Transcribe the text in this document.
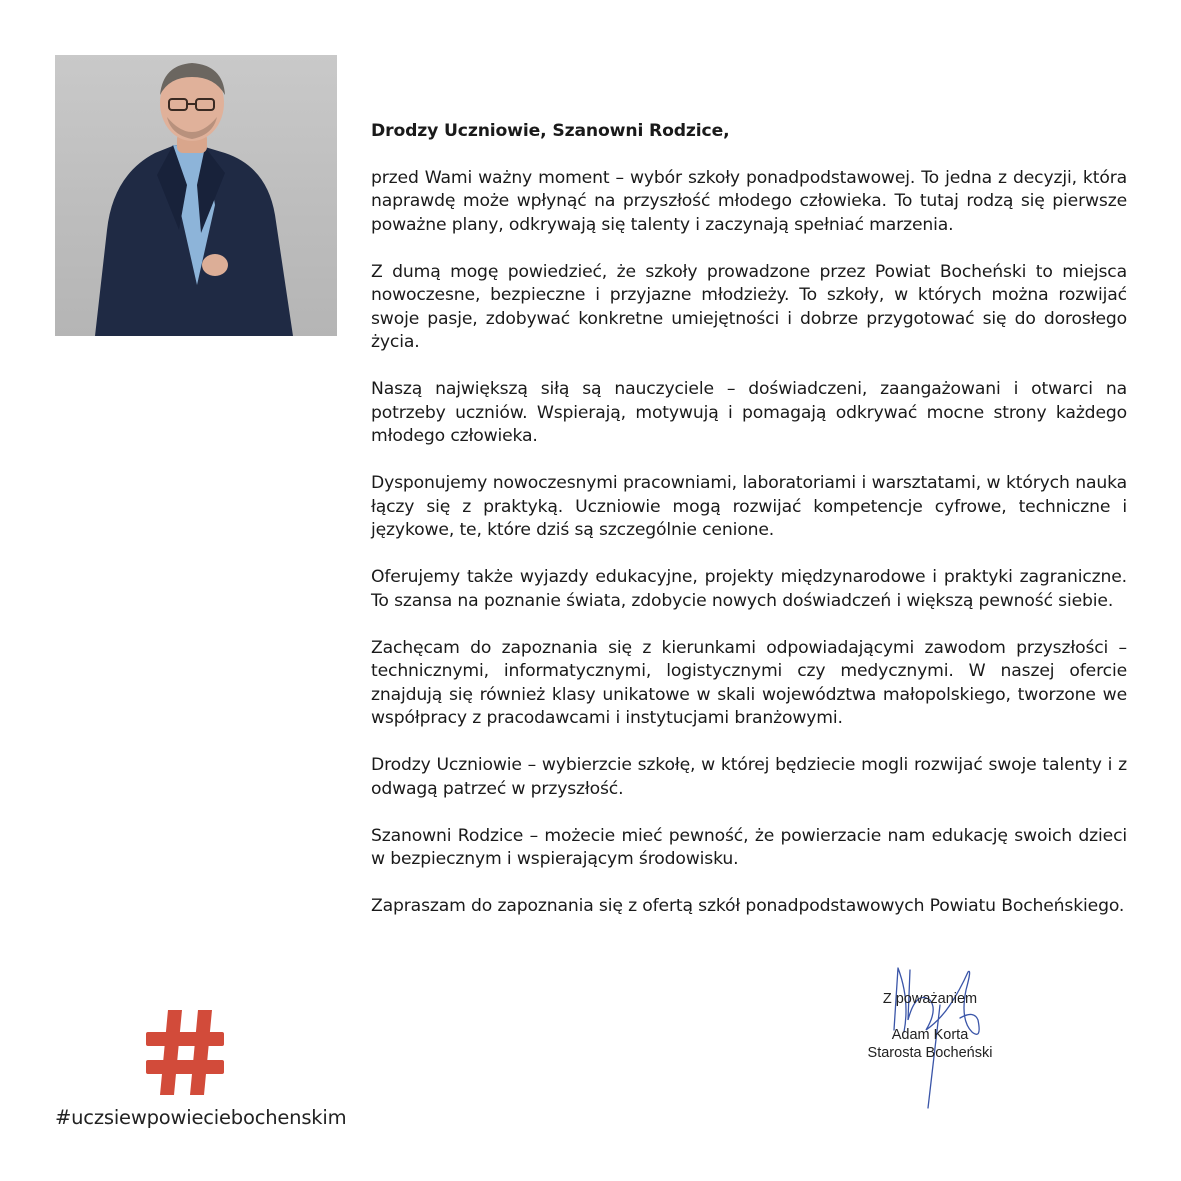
Drodzy Uczniowie, Szanowni Rodzice,

przed Wami ważny moment – wybór szkoły ponadpodstawowej. To jedna z decyzji, która naprawdę może wpłynąć na przyszłość młodego człowieka. To tutaj rodzą się pierwsze poważne plany, odkrywają się talenty i zaczynają spełniać marzenia.

Z dumą mogę powiedzieć, że szkoły prowadzone przez Powiat Bocheński to miejsca nowoczesne, bezpieczne i przyjazne młodzieży. To szkoły, w których można rozwijać swoje pasje, zdobywać konkretne umiejętności i dobrze przygotować się do dorosłego życia.

Naszą największą siłą są nauczyciele – doświadczeni, zaangażowani i otwarci na potrzeby uczniów. Wspierają, motywują i pomagają odkrywać mocne strony każdego młodego człowieka.

Dysponujemy nowoczesnymi pracowniami, laboratoriami i warsztatami, w których nauka łączy się z praktyką. Uczniowie mogą rozwijać kompetencje cyfrowe, techniczne i językowe, te, które dziś są szczególnie cenione.

Oferujemy także wyjazdy edukacyjne, projekty międzynarodowe i praktyki zagraniczne. To szansa na poznanie świata, zdobycie nowych doświadczeń i większą pewność siebie.

Zachęcam do zapoznania się z kierunkami odpowiadającymi zawodom przyszłości – technicznymi, informatycznymi, logistycznymi czy medycznymi. W naszej ofercie znajdują się również klasy unikatowe w skali województwa małopolskiego, tworzone we współpracy z pracodawcami i instytucjami branżowymi.

Drodzy Uczniowie – wybierzcie szkołę, w której będziecie mogli rozwijać swoje talenty i z odwagą patrzeć w przyszłość.

Szanowni Rodzice – możecie mieć pewność, że powierzacie nam edukację swoich dzieci w bezpiecznym i wspierającym środowisku.

Zapraszam do zapoznania się z ofertą szkół ponadpodstawowych Powiatu Bocheńskiego.

Z poważaniem
Adam Korta
Starosta Bocheński
#uczsiewpowieciebochenskim
